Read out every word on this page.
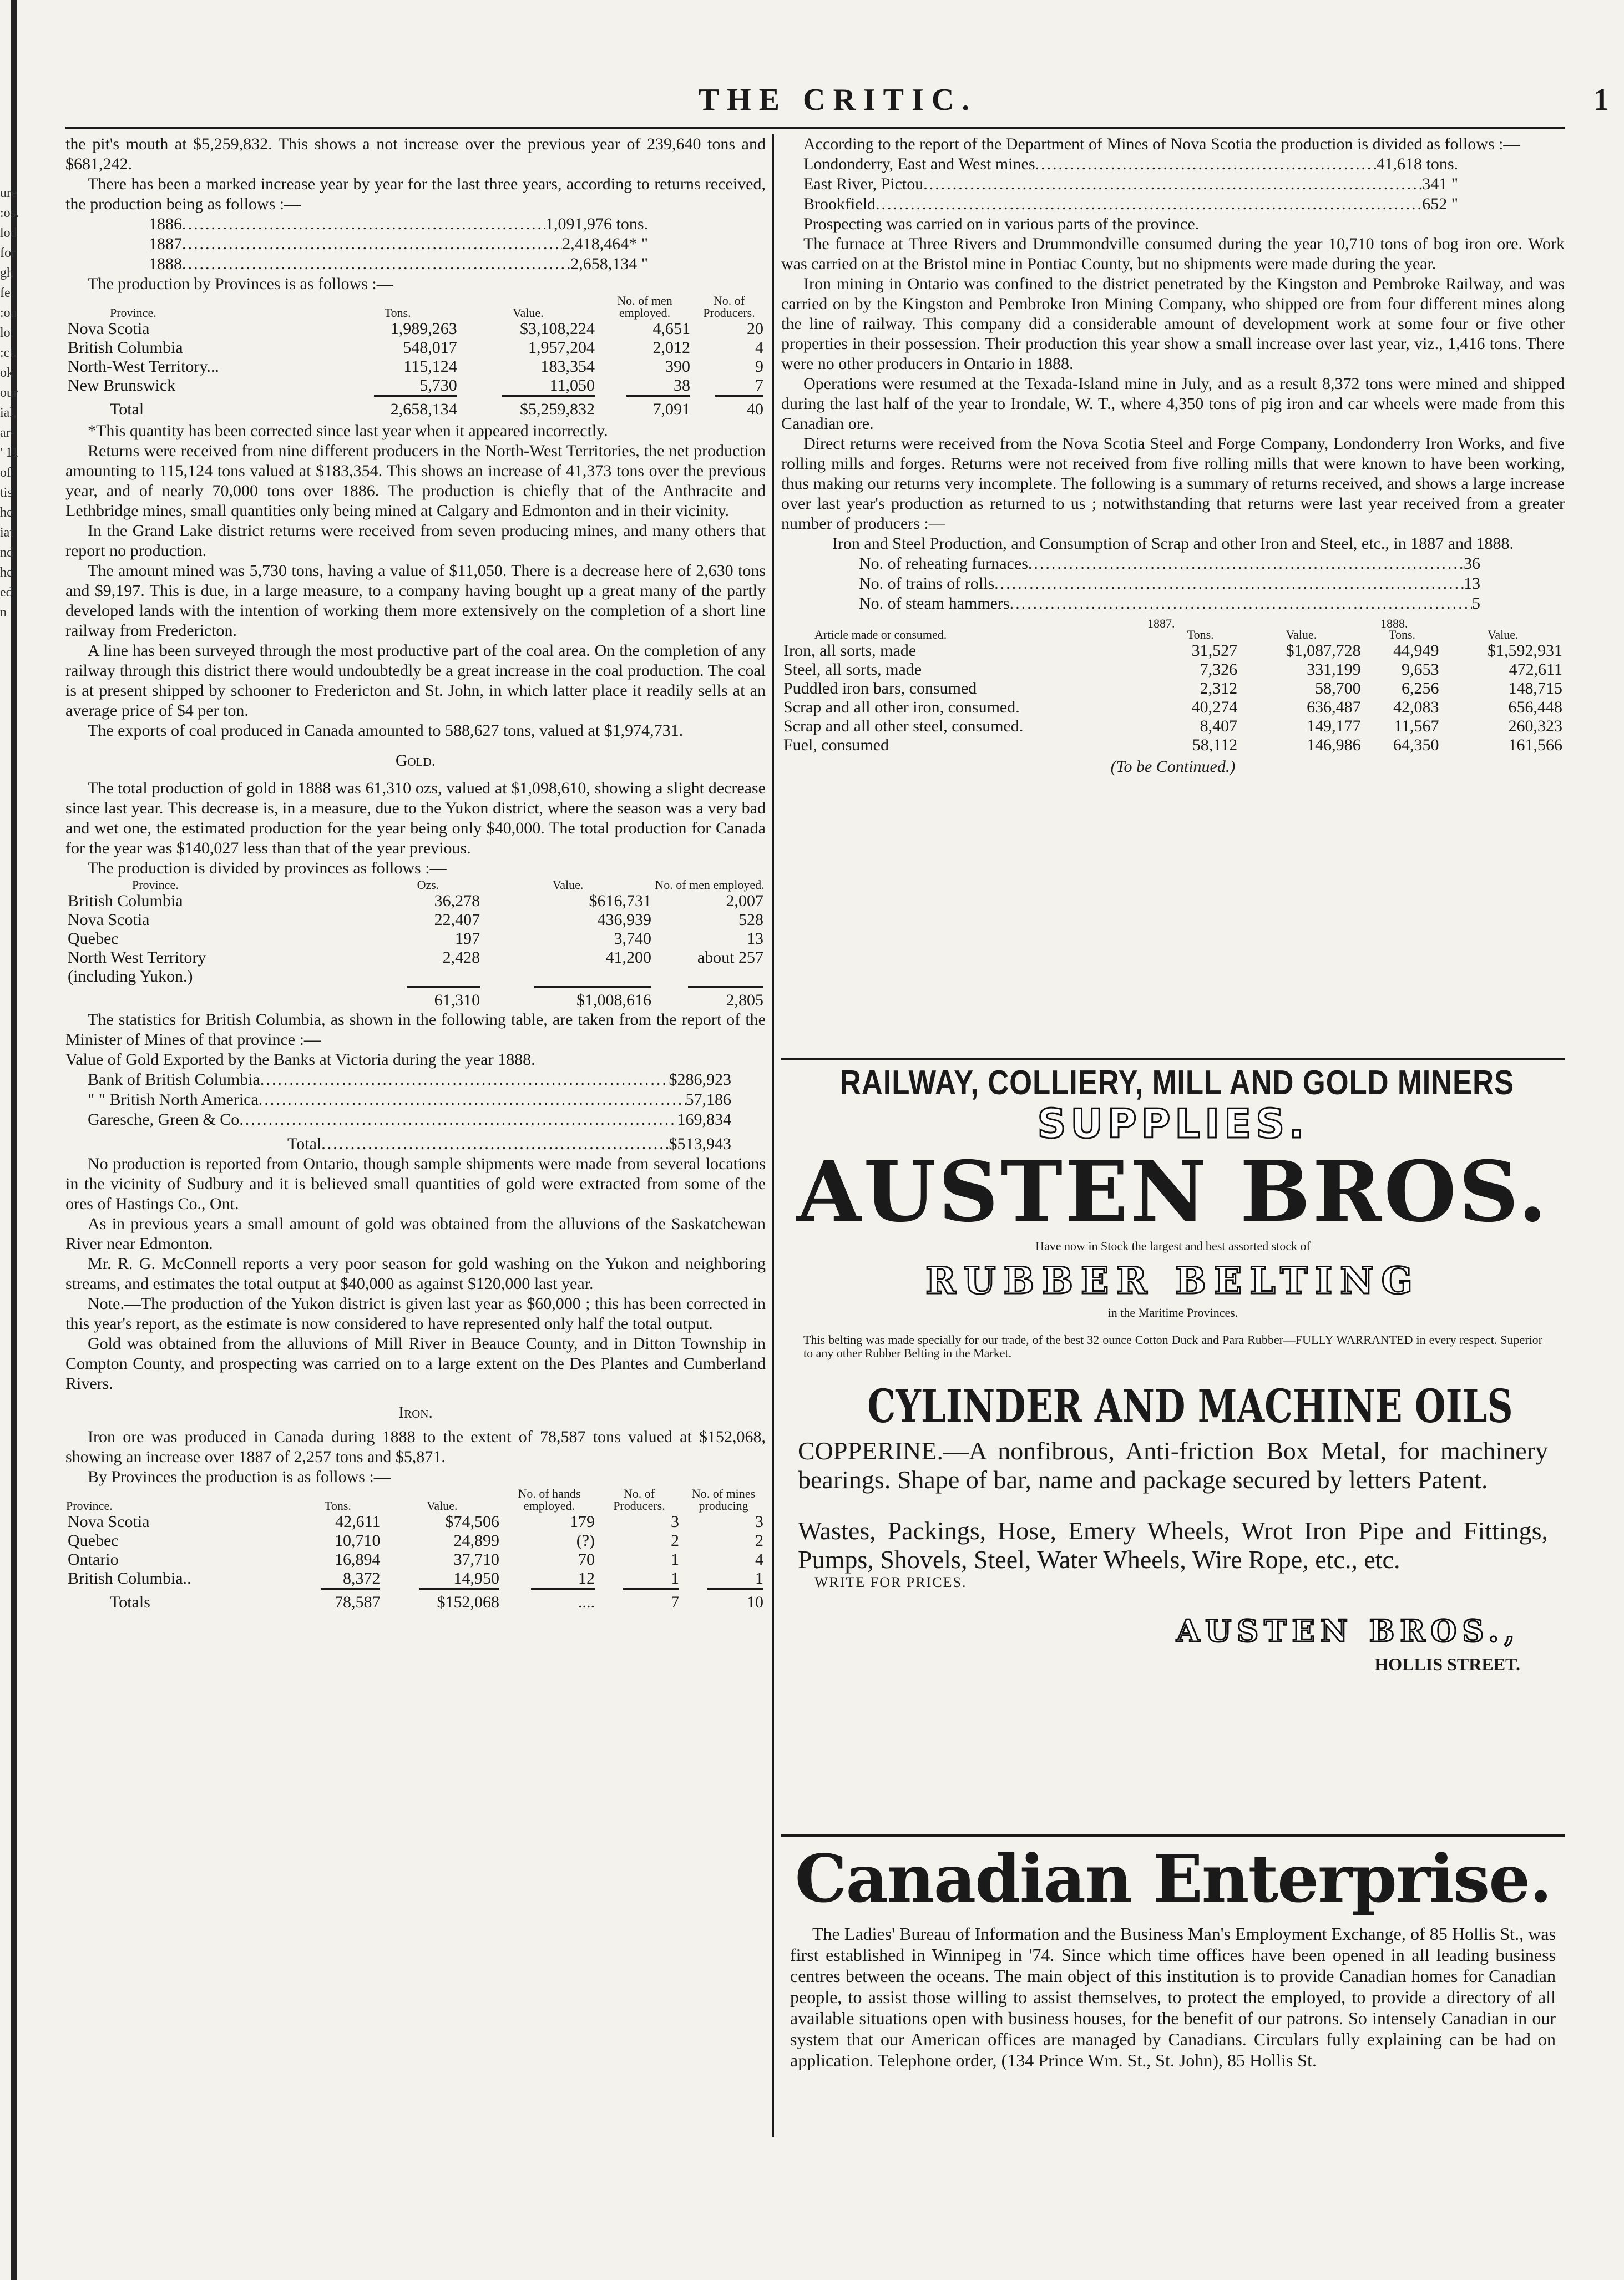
ure
:os.
lod
for
gh
fe.
:on
lo.
:ct.
ok
our
ial,
ar-
' 11
of
tis
he
iat
nd
he
ed
n
THE CRITIC.	1

the pit's mouth at $5,259,832. This shows a not increase over the previous year of 239,640 tons and $681,242.

There has been a marked increase year by year for the last three years, according to returns received, the production being as follows :—

1886 .....	1,091,976 tons.
1887 .....	2,418,464* "
1888 .....	2,658,134 "

The production by Provinces is as follows :—

Province.	Tons.	Value.	No. of men employed.	No. of Producers.
Nova Scotia	1,989,263	$3,108,224	4,651	20
British Columbia	548,017	1,957,204	2,012	4
North-West Territory...	115,124	183,354	390	9
New Brunswick	5,730	11,050	38	7

Total	2,658,134	$5,259,832	7,091	40

*This quantity has been corrected since last year when it appeared incorrectly.

Returns were received from nine different producers in the North-West Territories, the net production amounting to 115,124 tons valued at $183,354. This shows an increase of 41,373 tons over the previous year, and of nearly 70,000 tons over 1886. The production is chiefly that of the Anthracite and Lethbridge mines, small quantities only being mined at Calgary and Edmonton and in their vicinity.

In the Grand Lake district returns were received from seven producing mines, and many others that report no production.

The amount mined was 5,730 tons, having a value of $11,050. There is a decrease here of 2,630 tons and $9,197. This is due, in a large measure, to a company having bought up a great many of the partly developed lands with the intention of working them more extensively on the completion of a short line railway from Fredericton.

A line has been surveyed through the most productive part of the coal area. On the completion of any railway through this district there would undoubtedly be a great increase in the coal production. The coal is at present shipped by schooner to Fredericton and St. John, in which latter place it readily sells at an average price of $4 per ton.

The exports of coal produced in Canada amounted to 588,627 tons, valued at $1,974,731.

Gold.

The total production of gold in 1888 was 61,310 ozs, valued at $1,098,610, showing a slight decrease since last year. This decrease is, in a measure, due to the Yukon district, where the season was a very bad and wet one, the estimated production for the year being only $40,000. The total production for Canada for the year was $140,027 less than that of the year previous.

The production is divided by provinces as follows :—

Province.	Ozs.	Value.	No. of men employed.
British Columbia	36,278	$616,731	2,007
Nova Scotia	22,407	436,939	528
Quebec	197	3,740	13
North West Territory	2,428	41,200	about 257
(including Yukon.)			

	61,310	$1,008,616	2,805

The statistics for British Columbia, as shown in the following table, are taken from the report of the Minister of Mines of that province :—

Value of Gold Exported by the Banks at Victoria during the year 1888.

Bank of British Columbia .....	$286,923
" " British North America .....	57,186
Garesche, Green & Co .....	169,834
Total .....	$513,943

No production is reported from Ontario, though sample shipments were made from several locations in the vicinity of Sudbury and it is believed small quantities of gold were extracted from some of the ores of Hastings Co., Ont.

As in previous years a small amount of gold was obtained from the alluvions of the Saskatchewan River near Edmonton.

Mr. R. G. McConnell reports a very poor season for gold washing on the Yukon and neighboring streams, and estimates the total output at $40,000 as against $120,000 last year.

Note.—The production of the Yukon district is given last year as $60,000 ; this has been corrected in this year's report, as the estimate is now considered to have represented only half the total output.

Gold was obtained from the alluvions of Mill River in Beauce County, and in Ditton Township in Compton County, and prospecting was carried on to a large extent on the Des Plantes and Cumberland Rivers.

Iron.

Iron ore was produced in Canada during 1888 to the extent of 78,587 tons valued at $152,068, showing an increase over 1887 of 2,257 tons and $5,871.

By Provinces the production is as follows :—

Province.	Tons.	Value.	No. of hands employed.	No. of Producers.	No. of mines producing
Nova Scotia	42,611	$74,506	179	3	3
Quebec	10,710	24,899	(?)	2	2
Ontario	16,894	37,710	70	1	4
British Columbia..	8,372	14,950	12	1	1

Totals	78,587	$152,068	....	7	10

According to the report of the Department of Mines of Nova Scotia the production is divided as follows :—

Londonderry, East and West mines .....	41,618 tons.
East River, Pictou .....	341 "
Brookfield .....	652 "

Prospecting was carried on in various parts of the province.

The furnace at Three Rivers and Drummondville consumed during the year 10,710 tons of bog iron ore. Work was carried on at the Bristol mine in Pontiac County, but no shipments were made during the year.

Iron mining in Ontario was confined to the district penetrated by the Kingston and Pembroke Railway, and was carried on by the Kingston and Pembroke Iron Mining Company, who shipped ore from four different mines along the line of railway. This company did a considerable amount of development work at some four or five other properties in their possession. Their production this year show a small increase over last year, viz., 1,416 tons. There were no other producers in Ontario in 1888.

Operations were resumed at the Texada-Island mine in July, and as a result 8,372 tons were mined and shipped during the last half of the year to Irondale, W. T., where 4,350 tons of pig iron and car wheels were made from this Canadian ore.

Direct returns were received from the Nova Scotia Steel and Forge Company, Londonderry Iron Works, and five rolling mills and forges. Returns were not received from five rolling mills that were known to have been working, thus making our returns very incomplete. The following is a summary of returns received, and shows a large increase over last year's production as returned to us ; notwithstanding that returns were last year received from a greater number of producers :—

Iron and Steel Production, and Consumption of Scrap and other Iron and Steel, etc., in 1887 and 1888.

No. of reheating furnaces .....	36
No. of trains of rolls .....	13
No. of steam hammers .....	5
1887.	1888.
Article made or consumed.	Tons.	Value.	Tons.	Value.
Iron, all sorts, made	31,527	$1,087,728	44,949	$1,592,931
Steel, all sorts, made	7,326	331,199	9,653	472,611
Puddled iron bars, consumed	2,312	58,700	6,256	148,715
Scrap and all other iron, consumed.	40,274	636,487	42,083	656,448
Scrap and all other steel, consumed.	8,407	149,177	11,567	260,323
Fuel, consumed	58,112	146,986	64,350	161,566
(To be Continued.)
RAILWAY, COLLIERY, MILL AND GOLD MINERS
SUPPLIES.
AUSTEN BROS.
Have now in Stock the largest and best assorted stock of
RUBBER BELTING
in the Maritime Provinces.
This belting was made specially for our trade, of the best 32 ounce Cotton Duck and Para Rubber—FULLY WARRANTED in every respect. Superior to any other Rubber Belting in the Market.
CYLINDER AND MACHINE OILS
COPPERINE.—A nonfibrous, Anti-friction Box Metal, for machinery bearings. Shape of bar, name and package secured by letters Patent.
Wastes, Packings, Hose, Emery Wheels, Wrot Iron Pipe and Fittings, Pumps, Shovels, Steel, Water Wheels, Wire Rope, etc., etc.
WRITE FOR PRICES.
AUSTEN BROS.,
HOLLIS STREET.
Canadian Enterprise.
The Ladies' Bureau of Information and the Business Man's Employment Exchange, of 85 Hollis St., was first established in Winnipeg in '74. Since which time offices have been opened in all leading business centres between the oceans. The main object of this institution is to provide Canadian homes for Canadian people, to assist those willing to assist themselves, to protect the employed, to provide a directory of all available situations open with business houses, for the benefit of our patrons. So intensely Canadian in our system that our American offices are managed by Canadians. Circulars fully explaining can be had on application. Telephone order, (134 Prince Wm. St., St. John), 85 Hollis St.
